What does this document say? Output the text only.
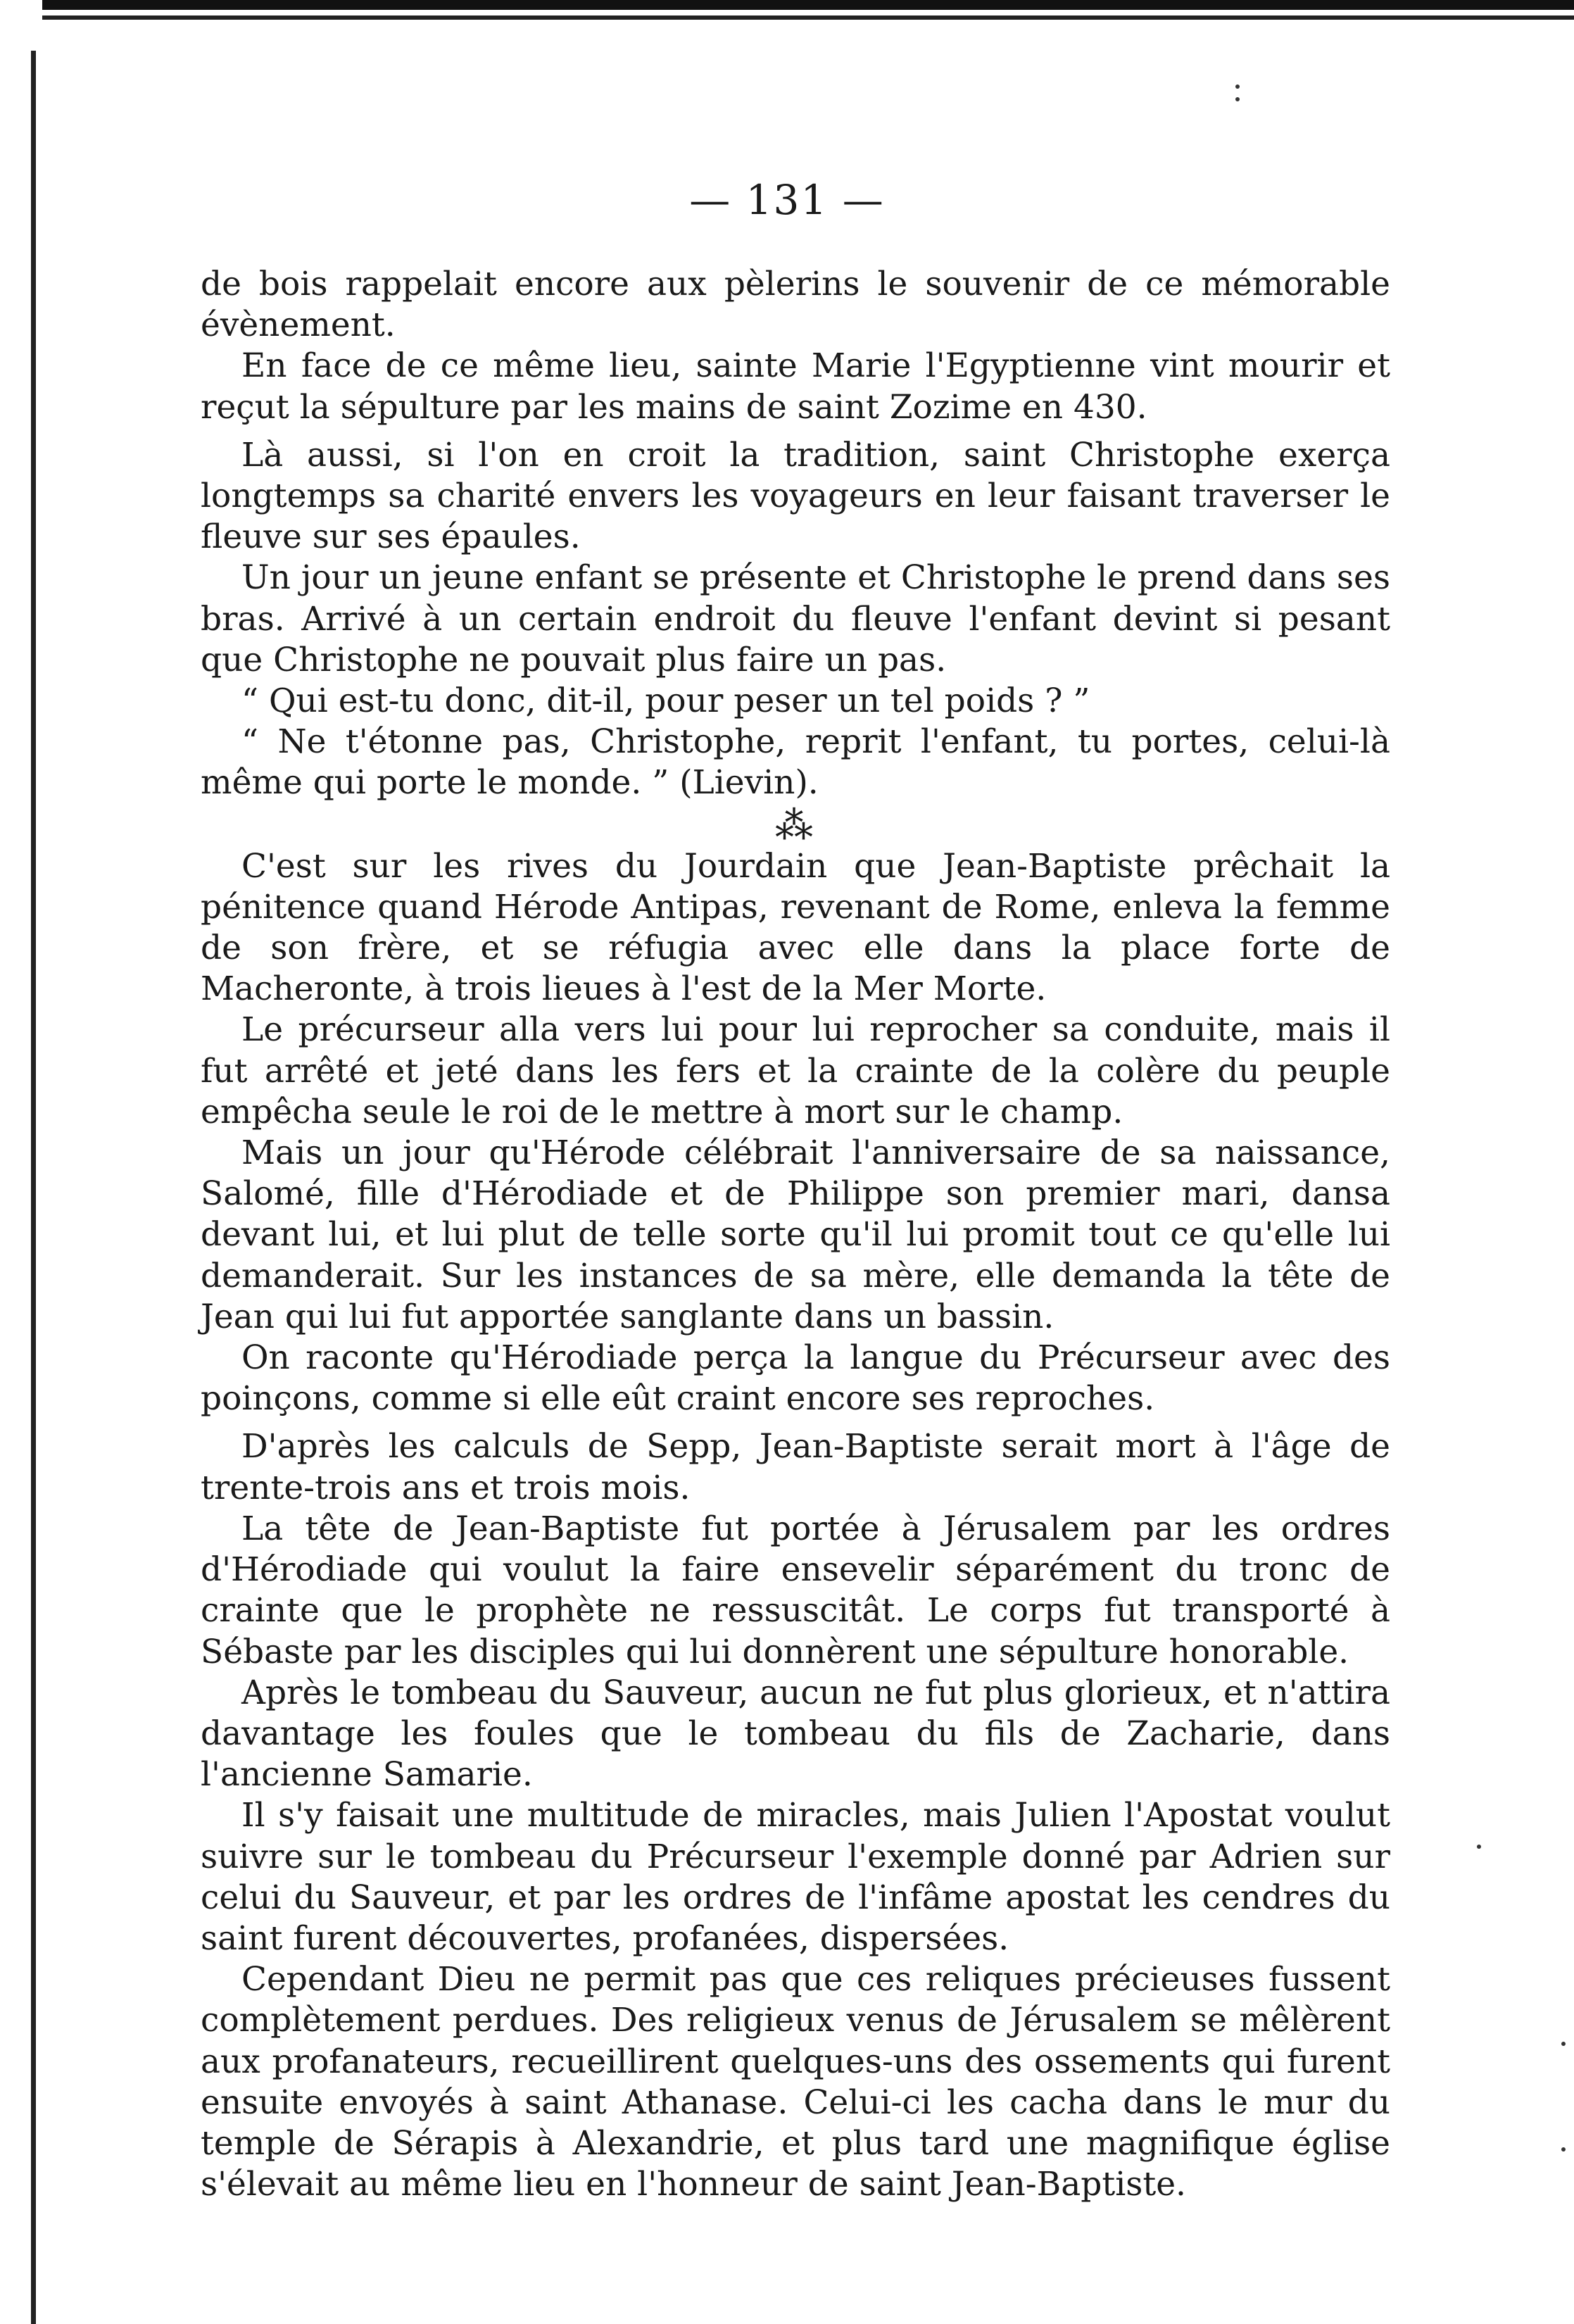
— 131 —

de bois rappelait encore aux pèlerins le souvenir de ce mémorable évènement.

En face de ce même lieu, sainte Marie l'Egyptienne vint mourir et reçut la sépulture par les mains de saint Zozime en 430.

Là aussi, si l'on en croit la tradition, saint Christophe exerça longtemps sa charité envers les voyageurs en leur faisant traverser le fleuve sur ses épaules.

Un jour un jeune enfant se présente et Christophe le prend dans ses bras. Arrivé à un certain endroit du fleuve l'enfant devint si pesant que Christophe ne pouvait plus faire un pas.

“ Qui est-tu donc, dit-il, pour peser un tel poids ? ”

“ Ne t'étonne pas, Christophe, reprit l'enfant, tu portes, celui-là même qui porte le monde. ” (Lievin).

⁂

C'est sur les rives du Jourdain que Jean-Baptiste prêchait la pénitence quand Hérode Antipas, revenant de Rome, enleva la femme de son frère, et se réfugia avec elle dans la place forte de Macheronte, à trois lieues à l'est de la Mer Morte.

Le précurseur alla vers lui pour lui reprocher sa conduite, mais il fut arrêté et jeté dans les fers et la crainte de la colère du peuple empêcha seule le roi de le mettre à mort sur le champ.

Mais un jour qu'Hérode célébrait l'anniversaire de sa naissance, Salomé, fille d'Hérodiade et de Philippe son premier mari, dansa devant lui, et lui plut de telle sorte qu'il lui promit tout ce qu'elle lui demanderait. Sur les instances de sa mère, elle demanda la tête de Jean qui lui fut apportée sanglante dans un bassin.

On raconte qu'Hérodiade perça la langue du Précurseur avec des poinçons, comme si elle eût craint encore ses reproches.

D'après les calculs de Sepp, Jean-Baptiste serait mort à l'âge de trente-trois ans et trois mois.

La tête de Jean-Baptiste fut portée à Jérusalem par les ordres d'Hérodiade qui voulut la faire ensevelir séparément du tronc de crainte que le prophète ne ressuscitât. Le corps fut transporté à Sébaste par les disciples qui lui donnèrent une sépulture honorable.

Après le tombeau du Sauveur, aucun ne fut plus glorieux, et n'attira davantage les foules que le tombeau du fils de Zacharie, dans l'ancienne Samarie.

Il s'y faisait une multitude de miracles, mais Julien l'Apostat voulut suivre sur le tombeau du Précurseur l'exemple donné par Adrien sur celui du Sauveur, et par les ordres de l'infâme apostat les cendres du saint furent découvertes, profanées, dispersées.

Cependant Dieu ne permit pas que ces reliques précieuses fussent complètement perdues. Des religieux venus de Jérusalem se mêlèrent aux profanateurs, recueillirent quelques-uns des ossements qui furent ensuite envoyés à saint Athanase. Celui-ci les cacha dans le mur du temple de Sérapis à Alexandrie, et plus tard une magnifique église s'élevait au même lieu en l'honneur de saint Jean-Baptiste.
